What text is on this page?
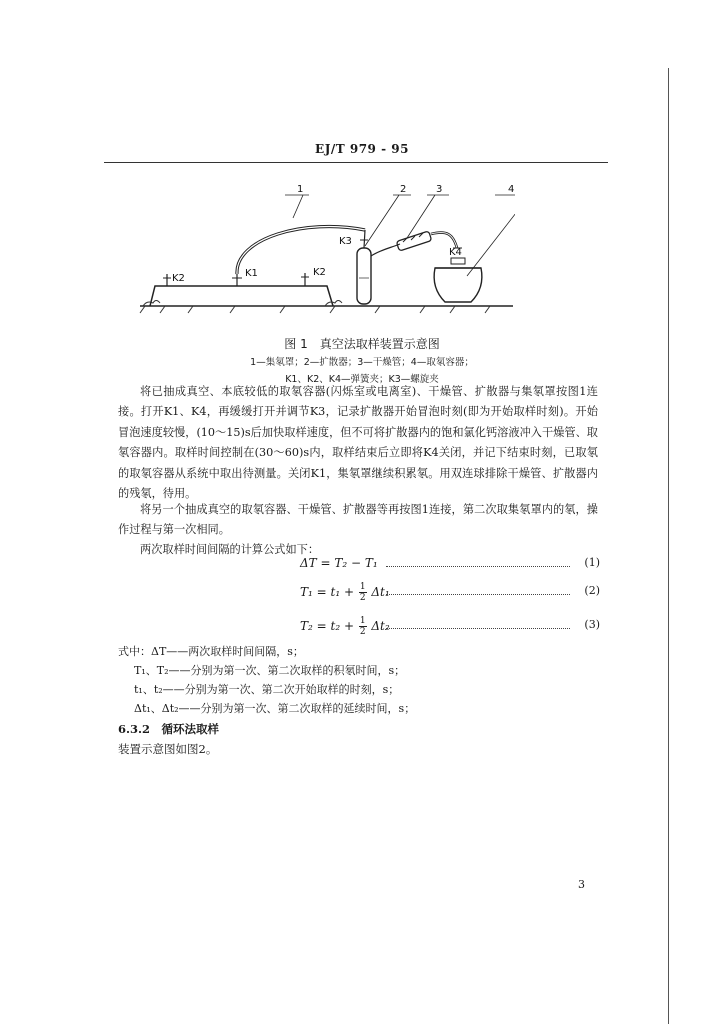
EJ/T 979 - 95
1	2	3	4
K2	K1	K2
K3
K4
图 1　真空法取样装置示意图
1—集氡罩；2—扩散器；3—干燥管；4—取氡容器；
K1、K2、K4—弹簧夹；K3—螺旋夹
将已抽成真空、本底较低的取氡容器(闪烁室或电离室)、干燥管、扩散器与集氡罩按图1连接。打开K1、K4，再缓缓打开并调节K3，记录扩散器开始冒泡时刻(即为开始取样时刻)。开始冒泡速度较慢，(10～15)s后加快取样速度，但不可将扩散器内的饱和氯化钙溶液冲入干燥管、取氡容器内。取样时间控制在(30～60)s内，取样结束后立即将K4关闭，并记下结束时刻，已取氡的取氡容器从系统中取出待测量。关闭K1，集氡罩继续积累氡。用双连球排除干燥管、扩散器内的残氡，待用。
将另一个抽成真空的取氡容器、干燥管、扩散器等再按图1连接，第二次取集氡罩内的氡，操作过程与第一次相同。
两次取样时间间隔的计算公式如下：
ΔT = T₂ − T₁	(1)
$T_1 = t_1 + \frac{1}{2} \Delta t_1$	(2)
$T_2 = t_2 + \frac{1}{2} \Delta t_2$	(3)
式中：ΔT——两次取样时间间隔，s；
T₁、T₂——分别为第一次、第二次取样的积氡时间，s；
t₁、t₂——分别为第一次、第二次开始取样的时刻，s；
Δt₁、Δt₂——分别为第一次、第二次取样的延续时间，s；
6.3.2　循环法取样
装置示意图如图2。
3
